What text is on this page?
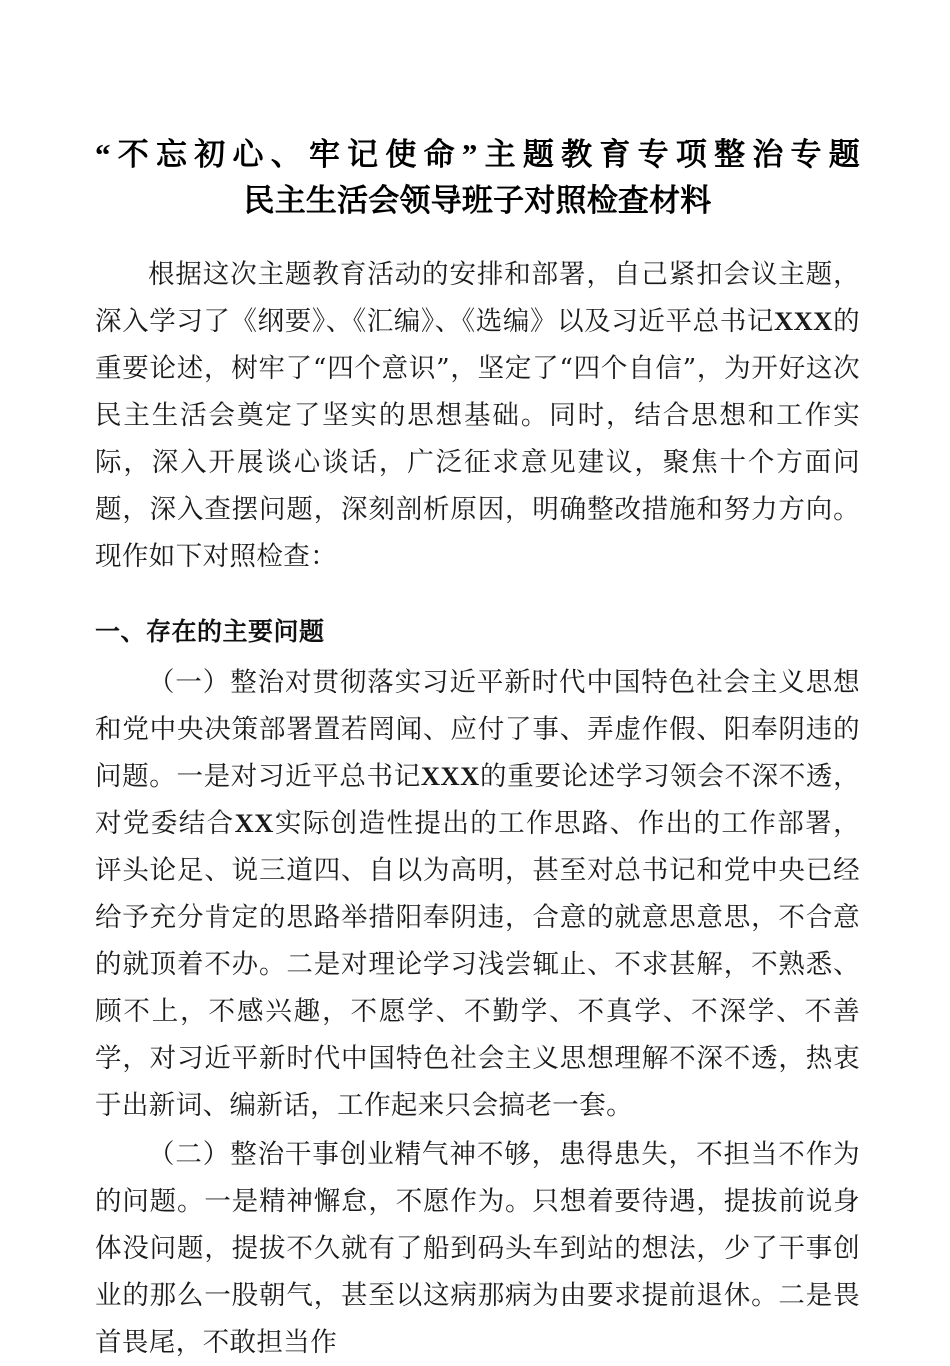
“不忘初心、牢记使命”主题教育专项整治专题
民主生活会领导班子对照检查材料

根据这次主题教育活动的安排和部署，自己紧扣会议主题，深入学习了《纲要》、《汇编》、《选编》以及习近平总书记XXX的重要论述，树牢了“四个意识”，坚定了“四个自信”，为开好这次民主生活会奠定了坚实的思想基础。同时，结合思想和工作实际，深入开展谈心谈话，广泛征求意见建议，聚焦十个方面问题，深入查摆问题，深刻剖析原因，明确整改措施和努力方向。现作如下对照检查：

一、存在的主要问题

（一）整治对贯彻落实习近平新时代中国特色社会主义思想和党中央决策部署置若罔闻、应付了事、弄虚作假、阳奉阴违的问题。一是对习近平总书记XXX的重要论述学习领会不深不透，对党委结合XX实际创造性提出的工作思路、作出的工作部署，评头论足、说三道四、自以为高明，甚至对总书记和党中央已经给予充分肯定的思路举措阳奉阴违，合意的就意思意思，不合意的就顶着不办。二是对理论学习浅尝辄止、不求甚解，不熟悉、顾不上，不感兴趣，不愿学、不勤学、不真学、不深学、不善学，对习近平新时代中国特色社会主义思想理解不深不透，热衷于出新词、编新话，工作起来只会搞老一套。

（二）整治干事创业精气神不够，患得患失，不担当不作为的问题。一是精神懈怠，不愿作为。只想着要待遇，提拔前说身体没问题，提拔不久就有了船到码头车到站的想法，少了干事创业的那么一股朝气，甚至以这病那病为由要求提前退休。二是畏首畏尾，不敢担当作
